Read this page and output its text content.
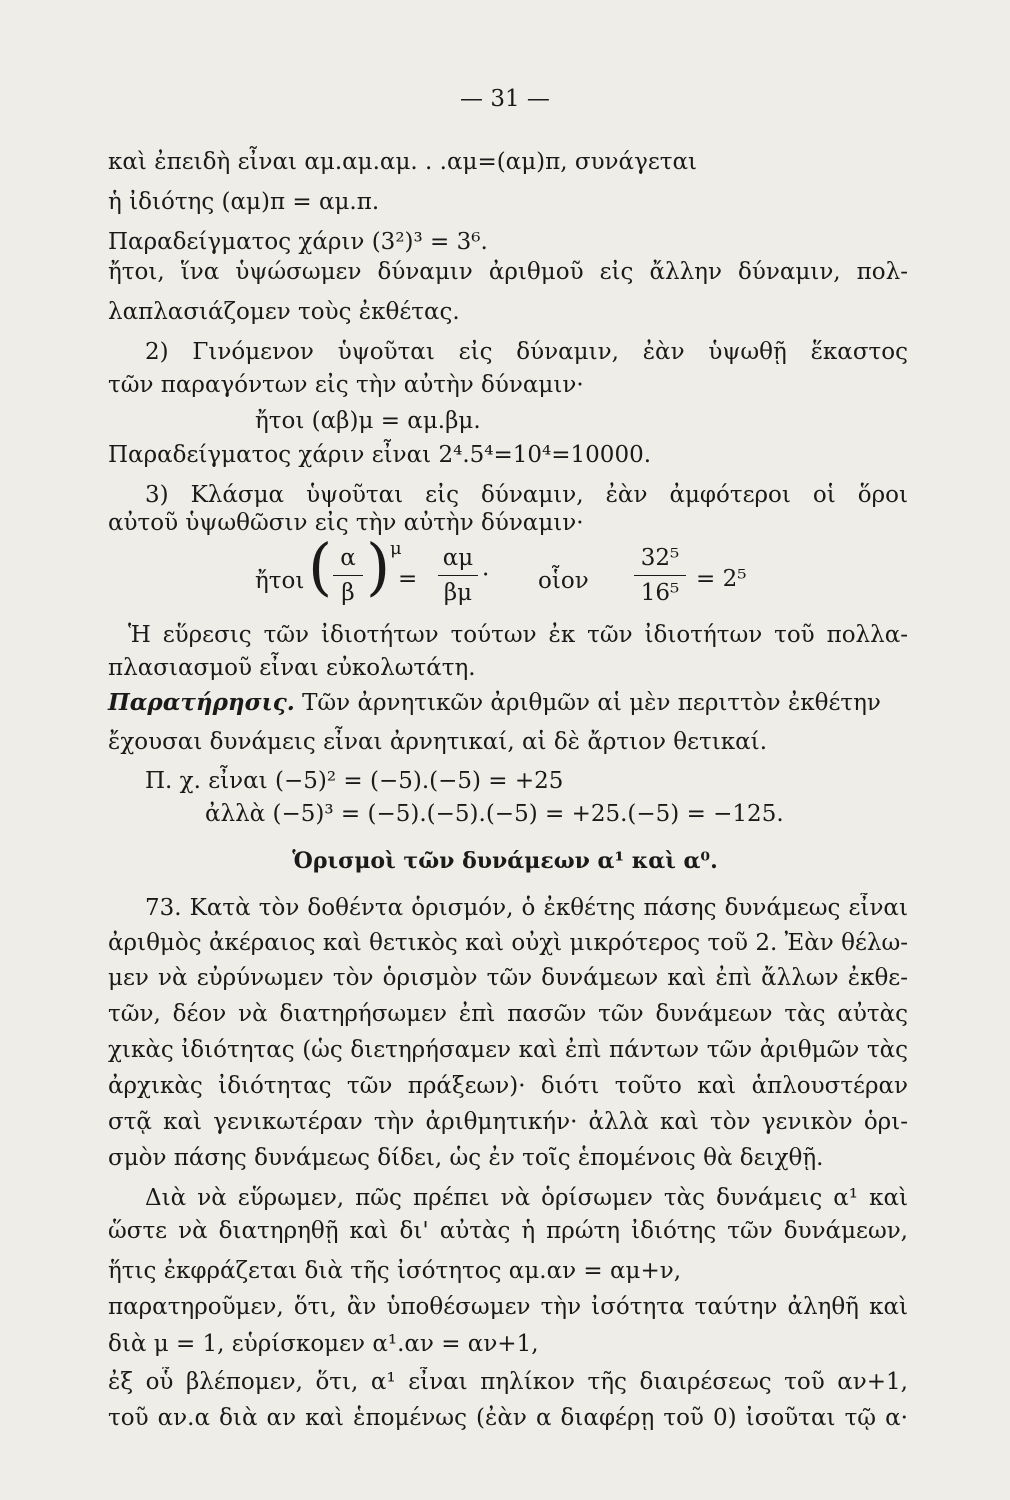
— 31 —
καὶ ἐπειδὴ εἶναι αμ.αμ.αμ. . .αμ=(αμ)π, συνάγεται
ἡ ἰδιότης (αμ)π = αμ.π.
Παραδείγματος χάριν (3²)³ = 3⁶.
ἤτοι, ἵνα ὑψώσωμεν δύναμιν ἀριθμοῦ εἰς ἄλλην δύναμιν, πολ-
λαπλασιάζομεν τοὺς ἐκθέτας.
2) Γινόμενον ὑψοῦται εἰς δύναμιν, ἐὰν ὑψωθῇ ἕκαστος
τῶν παραγόντων εἰς τὴν αὐτὴν δύναμιν·
ἤτοι (αβ)μ = αμ.βμ.
Παραδείγματος χάριν εἶναι 2⁴.5⁴=10⁴=10000.
3) Κλάσμα ὑψοῦται εἰς δύναμιν, ἐὰν ἀμφότεροι οἱ ὅροι
αὐτοῦ ὑψωθῶσιν εἰς τὴν αὐτὴν δύναμιν·
ἤτοι ( α
β ) μ
=
αμ
βμ
· οἷον
32⁵
16⁵
= 2⁵
Ἡ εὕρεσις τῶν ἰδιοτήτων τούτων ἐκ τῶν ἰδιοτήτων τοῦ πολλα-
πλασιασμοῦ εἶναι εὐκολωτάτη.
Παρατήρησις. Τῶν ἀρνητικῶν ἀριθμῶν αἱ μὲν περιττὸν ἐκθέτην
ἔχουσαι δυνάμεις εἶναι ἀρνητικαί, αἱ δὲ ἄρτιον θετικαί.
Π. χ. εἶναι (−5)² = (−5).(−5) = +25
ἀλλὰ (−5)³ = (−5).(−5).(−5) = +25.(−5) = −125.
Ὁρισμοὶ τῶν δυνάμεων α¹ καὶ α⁰.
73. Κατὰ τὸν δοθέντα ὁρισμόν, ὁ ἐκθέτης πάσης δυνάμεως εἶναι
ἀριθμὸς ἀκέραιος καὶ θετικὸς καὶ οὐχὶ μικρότερος τοῦ 2. Ἐὰν θέλω-
μεν νὰ εὐρύνωμεν τὸν ὁρισμὸν τῶν δυνάμεων καὶ ἐπὶ ἄλλων ἐκθε-
τῶν, δέον νὰ διατηρήσωμεν ἐπὶ πασῶν τῶν δυνάμεων τὰς αὐτὰς
χικὰς ἰδιότητας (ὡς διετηρήσαμεν καὶ ἐπὶ πάντων τῶν ἀριθμῶν τὰς
ἀρχικὰς ἰδιότητας τῶν πράξεων)· διότι τοῦτο καὶ ἁπλουστέραν
στᾷ καὶ γενικωτέραν τὴν ἀριθμητικήν· ἀλλὰ καὶ τὸν γενικὸν ὁρι-
σμὸν πάσης δυνάμεως δίδει, ὡς ἐν τοῖς ἑπομένοις θὰ δειχθῇ.
Διὰ νὰ εὕρωμεν, πῶς πρέπει νὰ ὁρίσωμεν τὰς δυνάμεις α¹ καὶ
ὥστε νὰ διατηρηθῇ καὶ δι' αὐτὰς ἡ πρώτη ἰδιότης τῶν δυνάμεων,
ἥτις ἐκφράζεται διὰ τῆς ἰσότητος αμ.αν = αμ+ν,
παρατηροῦμεν, ὅτι, ἂν ὑποθέσωμεν τὴν ἰσότητα ταύτην ἀληθῆ καὶ
διὰ μ = 1, εὑρίσκομεν α¹.αν = αν+1,
ἐξ οὗ βλέπομεν, ὅτι, α¹ εἶναι πηλίκον τῆς διαιρέσεως τοῦ αν+1,
τοῦ αν.α διὰ αν καὶ ἑπομένως (ἐὰν α διαφέρῃ τοῦ 0) ἰσοῦται τῷ α·
